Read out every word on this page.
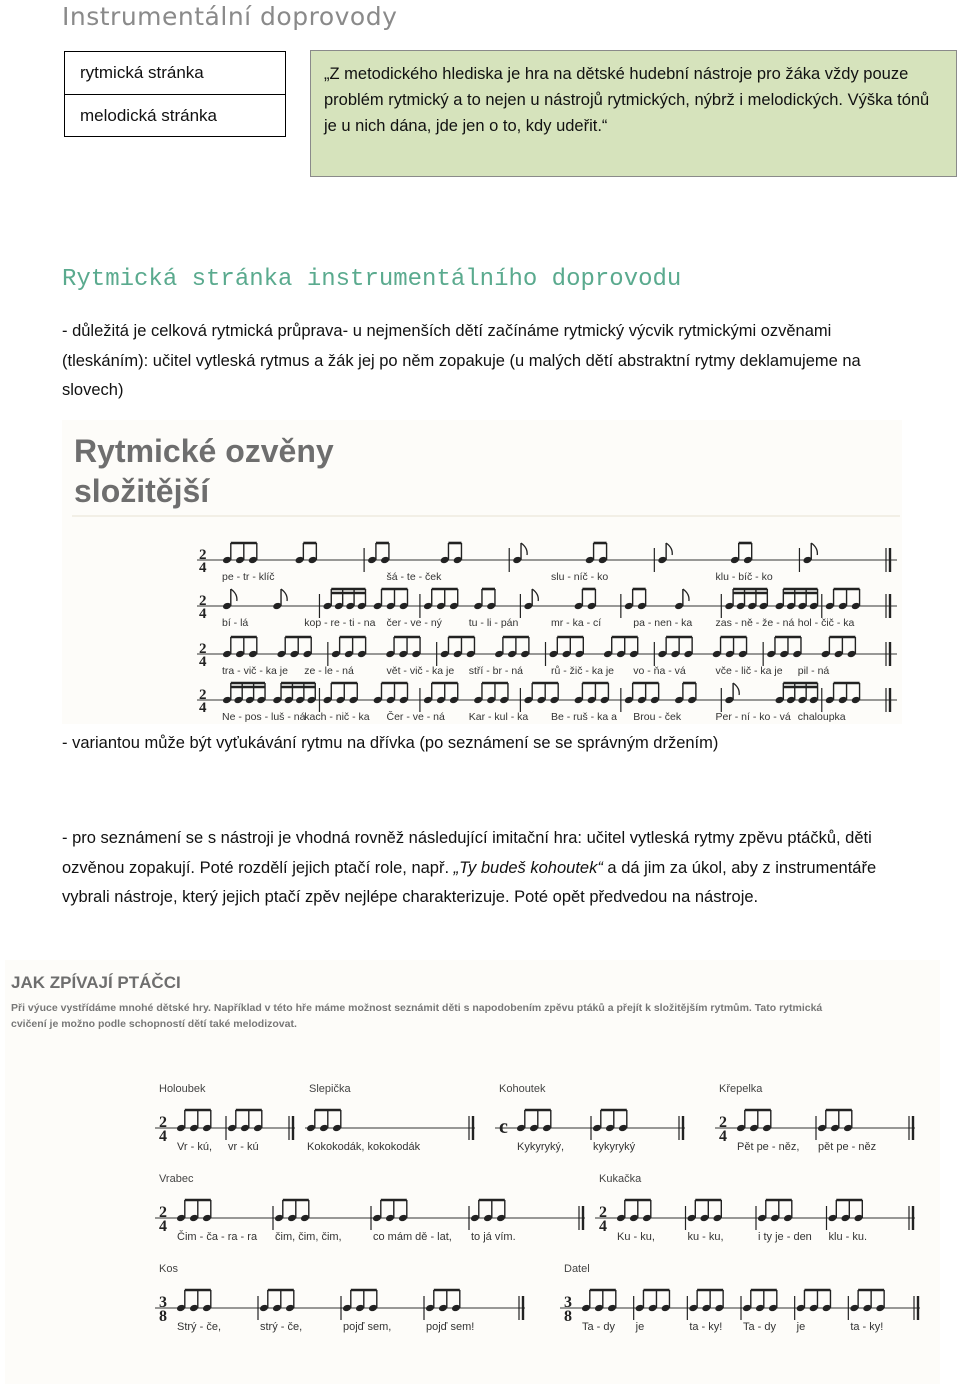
Instrumentální doprovody
rytmická stránka
melodická stránka
„Z metodického hlediska je hra na dětské hudební nástroje pro žáka vždy pouze problém rytmický a to nejen u nástrojů rytmických, nýbrž i melodických. Výška tónů je u nich dána, jde jen o to, kdy udeřit.“
Rytmická stránka instrumentálního doprovodu
- důležitá je celková rytmická průprava- u nejmenších dětí začínáme rytmický výcvik rytmickými ozvěnami (tleskáním): učitel vytleská rytmus a žák jej po něm zopakuje (u malých dětí abstraktní rytmy deklamujeme na slovech)
Rytmické ozvěny
složitější
2
4
pe - tr - klíč	šá - te - ček	slu - níč - ko	klu - bíč - ko
2
4
bí - lá	kop - re - ti - na čer - ve - ný	tu - li - pán	mr - ka - cí	pa - nen - ka zas - ně - že - ná hol - čič - ka
2
4
tra - vič - ka je ze - le - ná	vět - vič - ka je stří - br - ná	rů - žič - ka je vo - ňa - vá	vče - lič - ka je pil - ná
2
4
Ne - pos - luš - ná
kach - nič - ka Čer - ve - ná Kar - kul - ka Be - ruš - ka a Brou - ček	Per - ní - ko - vá chaloupka
- variantou může být vyťukávání rytmu na dřívka (po seznámení se se správným držením)
- pro seznámení se s nástroji je vhodná rovněž následující imitační hra: učitel vytleská rytmy zpěvu ptáčků, děti ozvěnou zopakují. Poté rozdělí jejich ptačí role, např. „Ty budeš kohoutek“ a dá jim za úkol, aby z instrumentáře vybrali nástroje, který jejich ptačí zpěv nejlépe charakterizuje. Poté opět předvedou na nástroje.
JAK ZPÍVAJÍ PTÁČCI
Při výuce vystřídáme mnohé dětské hry. Například v této hře máme možnost seznámit děti s napodobením zpěvu ptáků a přejít k složitějším rytmům. Tato rytmická
cvičení je možno podle schopností dětí také melodizovat.
Holoubek
2
4
Vr - kú, vr - kú
Slepička
Kokokodák, kokokodák
Kohoutek
c
Kykyryký,	kykyryký
Křepelka
2
4
Pět pe - něz, pět pe - něz
Vrabec
2
4
Čim - ča - ra - ra čim, čim, čim,	co mám dě - lat, to já vím.
Kukačka
2
4
Ku - ku,	ku - ku,	i ty je - den klu - ku.
Kos
3
8
Strý - če,	strý - če,	pojď sem,	pojď sem!
Datel
3
8
Ta - dy je	ta - ky! Ta - dy je	ta - ky!
